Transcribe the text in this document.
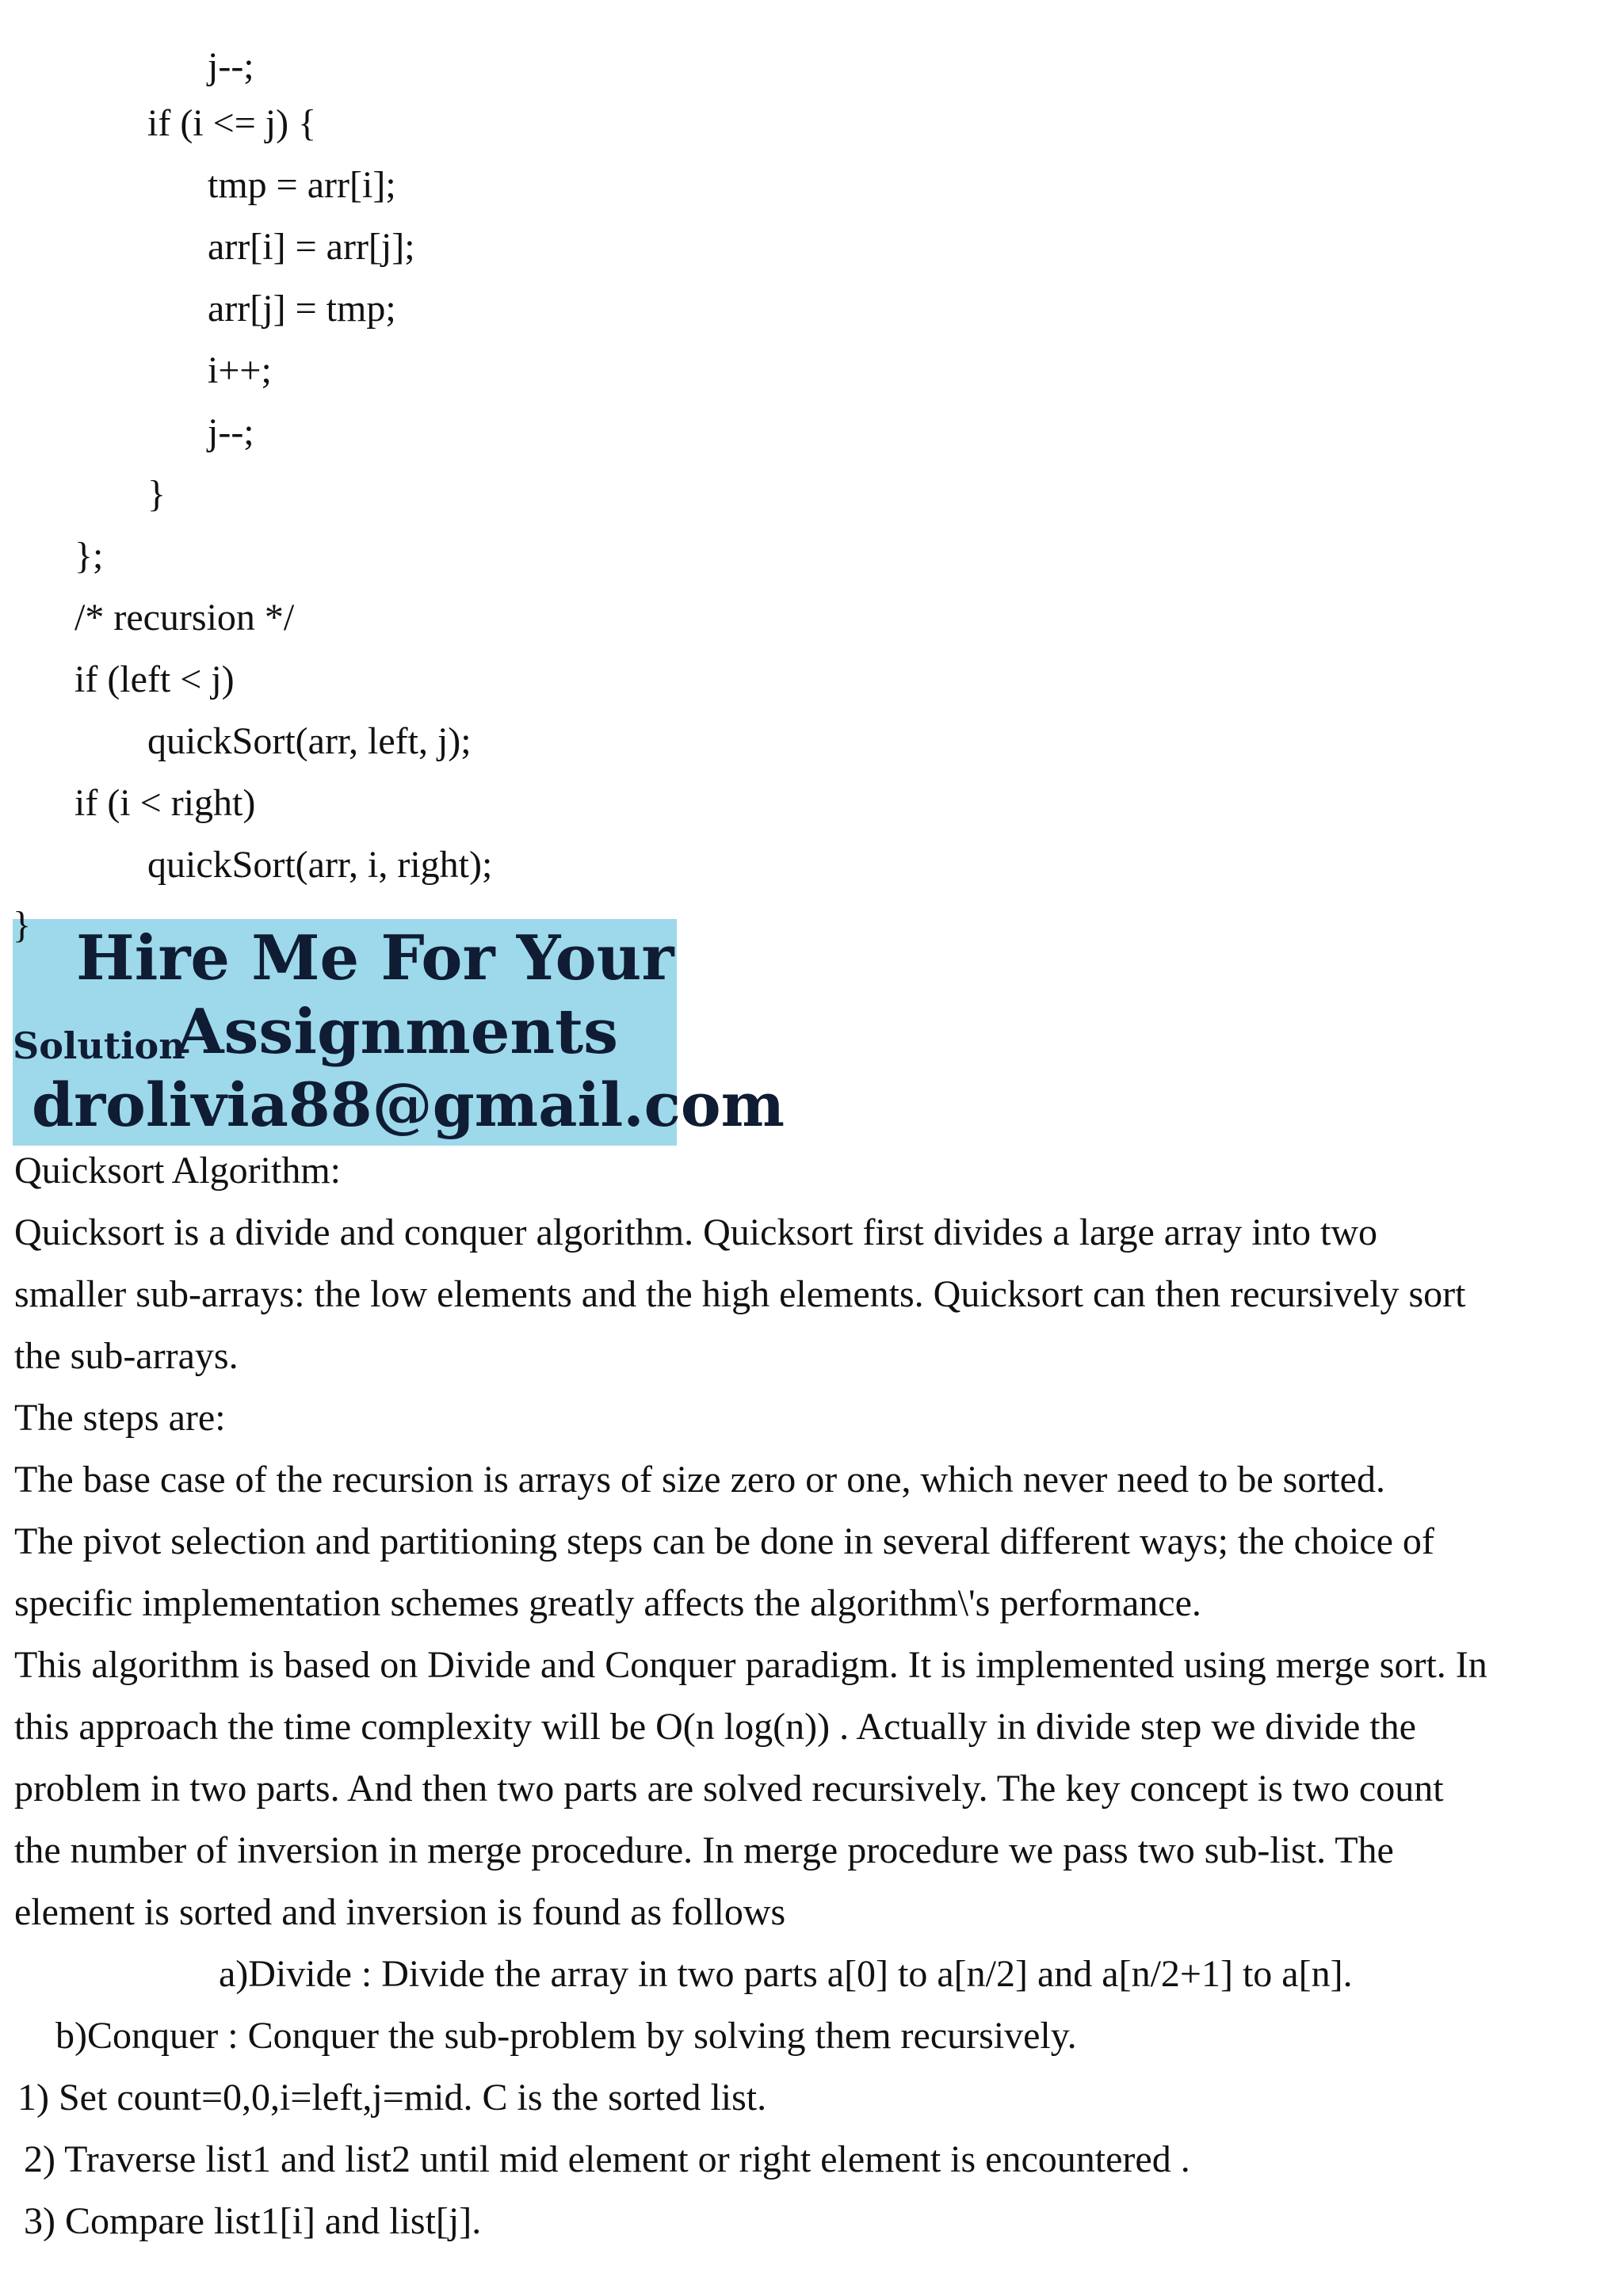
j--;
if (i <= j) {
tmp = arr[i];
arr[i] = arr[j];
arr[j] = tmp;
i++;
j--;
}
};
/* recursion */
if (left < j)
quickSort(arr, left, j);
if (i < right)
quickSort(arr, i, right);
} Hire Me For Your
Solution
Assignments
drolivia88@gmail.com
Quicksort Algorithm:
Quicksort is a divide and conquer algorithm. Quicksort first divides a large array into two
smaller sub-arrays: the low elements and the high elements. Quicksort can then recursively sort
the sub-arrays.
The steps are:
The base case of the recursion is arrays of size zero or one, which never need to be sorted.
The pivot selection and partitioning steps can be done in several different ways; the choice of
specific implementation schemes greatly affects the algorithm\'s performance.
This algorithm is based on Divide and Conquer paradigm. It is implemented using merge sort. In
this approach the time complexity will be O(n log(n)) . Actually in divide step we divide the
problem in two parts. And then two parts are solved recursively. The key concept is two count
the number of inversion in merge procedure. In merge procedure we pass two sub-list. The
element is sorted and inversion is found as follows
a)Divide : Divide the array in two parts a[0] to a[n/2] and a[n/2+1] to a[n].
b)Conquer : Conquer the sub-problem by solving them recursively.
1) Set count=0,0,i=left,j=mid. C is the sorted list.
2) Traverse list1 and list2 until mid element or right element is encountered .
3) Compare list1[i] and list[j].
